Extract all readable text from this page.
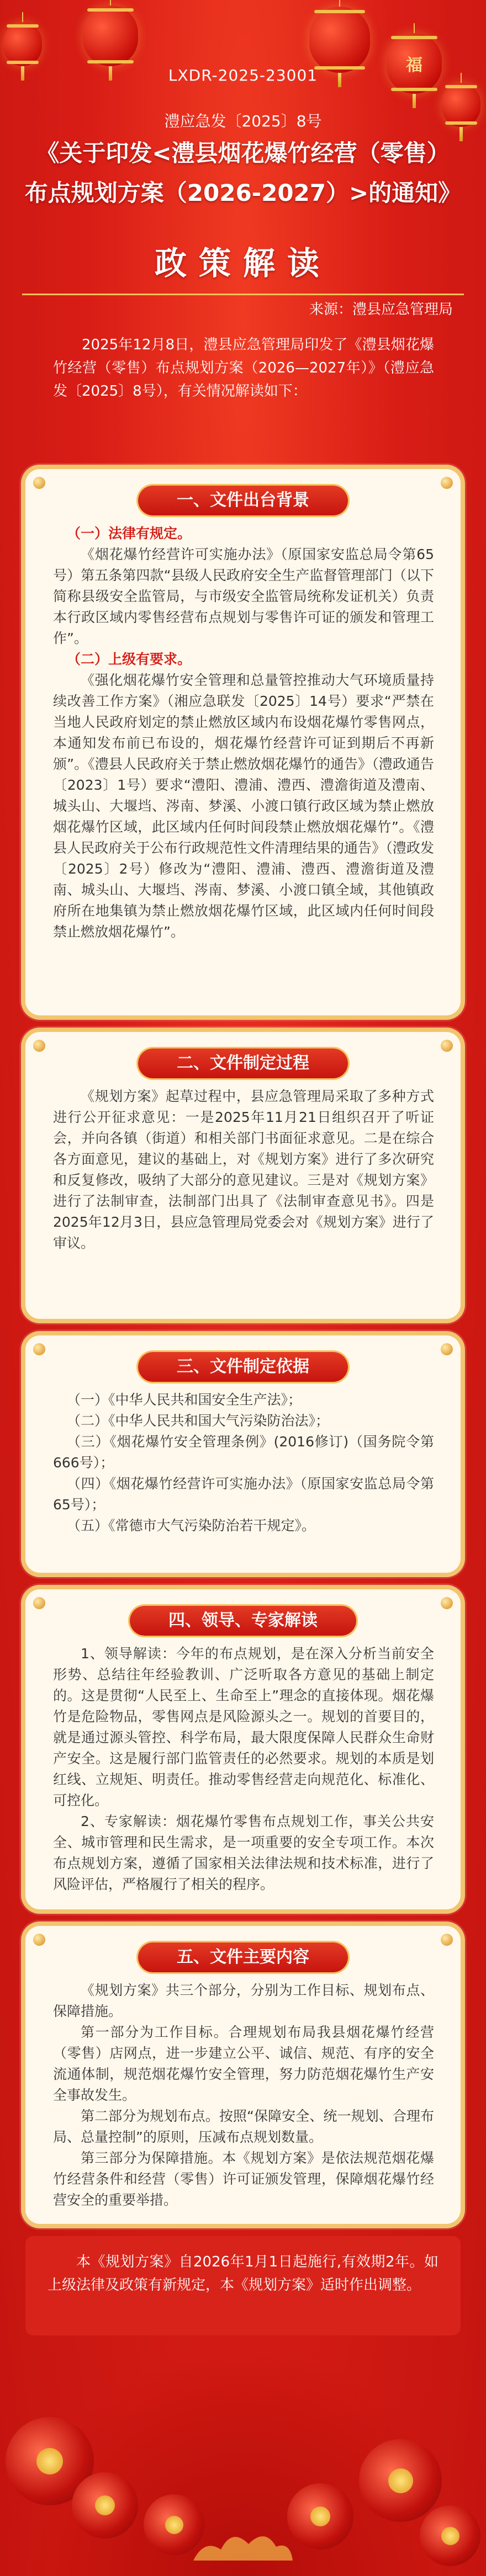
福
LXDR-2025-23001
澧应急发〔2025〕8号
《关于印发<澧县烟花爆竹经营（零售）
布点规划方案（2026-2027）>的通知》
政策解读
来源：澧县应急管理局

2025年12月8日，澧县应急管理局印发了《澧县烟花爆竹经营（零售）布点规划方案（2026—2027年）》（澧应急发〔2025〕8号），有关情况解读如下：

一、文件出台背景

（一）法律有规定。

《烟花爆竹经营许可实施办法》（原国家安监总局令第65号）第五条第四款“县级人民政府安全生产监督管理部门（以下简称县级安全监管局，与市级安全监管局统称发证机关）负责本行政区域内零售经营布点规划与零售许可证的颁发和管理工作”。

（二）上级有要求。

《强化烟花爆竹安全管理和总量管控推动大气环境质量持续改善工作方案》（湘应急联发〔2025〕14号）要求“严禁在当地人民政府划定的禁止燃放区域内布设烟花爆竹零售网点，本通知发布前已布设的，烟花爆竹经营许可证到期后不再新颁”。《澧县人民政府关于禁止燃放烟花爆竹的通告》（澧政通告〔2023〕1号）要求“澧阳、澧浦、澧西、澧澹街道及澧南、城头山、大堰垱、涔南、梦溪、小渡口镇行政区域为禁止燃放烟花爆竹区域，此区域内任何时间段禁止燃放烟花爆竹”。《澧县人民政府关于公布行政规范性文件清理结果的通告》（澧政发〔2025〕2号）修改为“澧阳、澧浦、澧西、澧澹街道及澧南、城头山、大堰垱、涔南、梦溪、小渡口镇全域，其他镇政府所在地集镇为禁止燃放烟花爆竹区域，此区域内任何时间段禁止燃放烟花爆竹”。

二、文件制定过程

《规划方案》起草过程中，县应急管理局采取了多种方式进行公开征求意见：一是2025年11月21日组织召开了听证会，并向各镇（街道）和相关部门书面征求意见。二是在综合各方面意见，建议的基础上，对《规划方案》进行了多次研究和反复修改，吸纳了大部分的意见建议。三是对《规划方案》进行了法制审查，法制部门出具了《法制审查意见书》。四是2025年12月3日，县应急管理局党委会对《规划方案》进行了审议。

三、文件制定依据

（一）《中华人民共和国安全生产法》；

（二）《中华人民共和国大气污染防治法》；

（三）《烟花爆竹安全管理条例》(2016修订)（国务院令第666号）；

（四）《烟花爆竹经营许可实施办法》（原国家安监总局令第65号）；

（五）《常德市大气污染防治若干规定》。

四、领导、专家解读

1、领导解读：今年的布点规划，是在深入分析当前安全形势、总结往年经验教训、广泛听取各方意见的基础上制定的。这是贯彻“人民至上、生命至上”理念的直接体现。烟花爆竹是危险物品，零售网点是风险源头之一。规划的首要目的，就是通过源头管控、科学布局，最大限度保障人民群众生命财产安全。这是履行部门监管责任的必然要求。规划的本质是划红线、立规矩、明责任。推动零售经营走向规范化、标准化、可控化。

2、专家解读：烟花爆竹零售布点规划工作，事关公共安全、城市管理和民生需求，是一项重要的安全专项工作。本次布点规划方案，遵循了国家相关法律法规和技术标准，进行了风险评估，严格履行了相关的程序。

五、文件主要内容

《规划方案》共三个部分，分别为工作目标、规划布点、保障措施。

第一部分为工作目标。合理规划布局我县烟花爆竹经营（零售）店网点，进一步建立公平、诚信、规范、有序的安全流通体制，规范烟花爆竹安全管理，努力防范烟花爆竹生产安全事故发生。

第二部分为规划布点。按照“保障安全、统一规划、合理布局、总量控制”的原则，压减布点规划数量。

第三部分为保障措施。本《规划方案》是依法规范烟花爆竹经营条件和经营（零售）许可证颁发管理，保障烟花爆竹经营安全的重要举措。

本《规划方案》自2026年1月1日起施行,有效期2年。如上级法律及政策有新规定，本《规划方案》适时作出调整。
